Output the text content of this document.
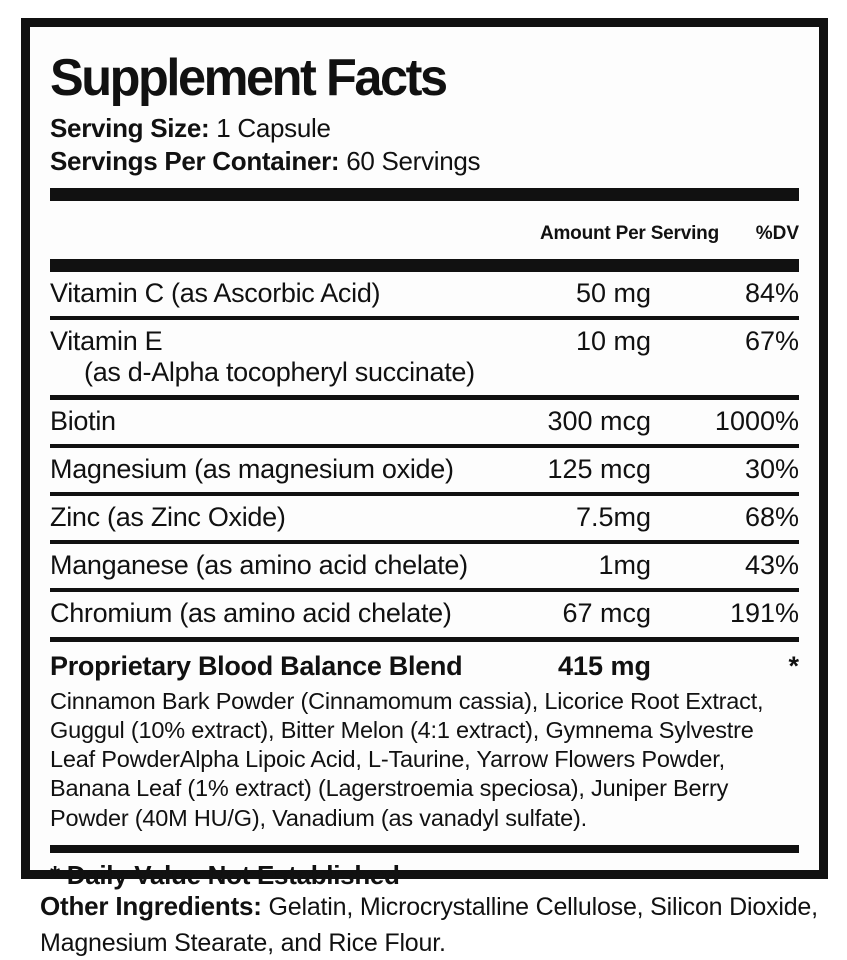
Supplement Facts
Serving Size: 1 Capsule
Servings Per Container: 60 Servings
Amount Per Serving %DV
Vitamin C (as Ascorbic Acid)	50 mg	84%
Vitamin E	10 mg	67%
(as d-Alpha tocopheryl succinate)
Biotin	300 mcg	1000%
Magnesium (as magnesium oxide)	125 mcg	30%
Zinc (as Zinc Oxide)	7.5mg	68%
Manganese (as amino acid chelate)	1mg	43%
Chromium (as amino acid chelate)	67 mcg	191%
Proprietary Blood Balance Blend	415 mg	*
Cinnamon Bark Powder (Cinnamomum cassia), Licorice Root Extract, Guggul (10% extract), Bitter Melon (4:1 extract), Gymnema Sylvestre Leaf PowderAlpha Lipoic Acid, L-Taurine, Yarrow Flowers Powder, Banana Leaf (1% extract) (Lagerstroemia speciosa), Juniper Berry Powder (40M HU/G), Vanadium (as vanadyl sulfate).
* Daily Value Not Established

Other Ingredients: Gelatin, Microcrystalline Cellulose, Silicon Dioxide, Magnesium Stearate, and Rice Flour.
